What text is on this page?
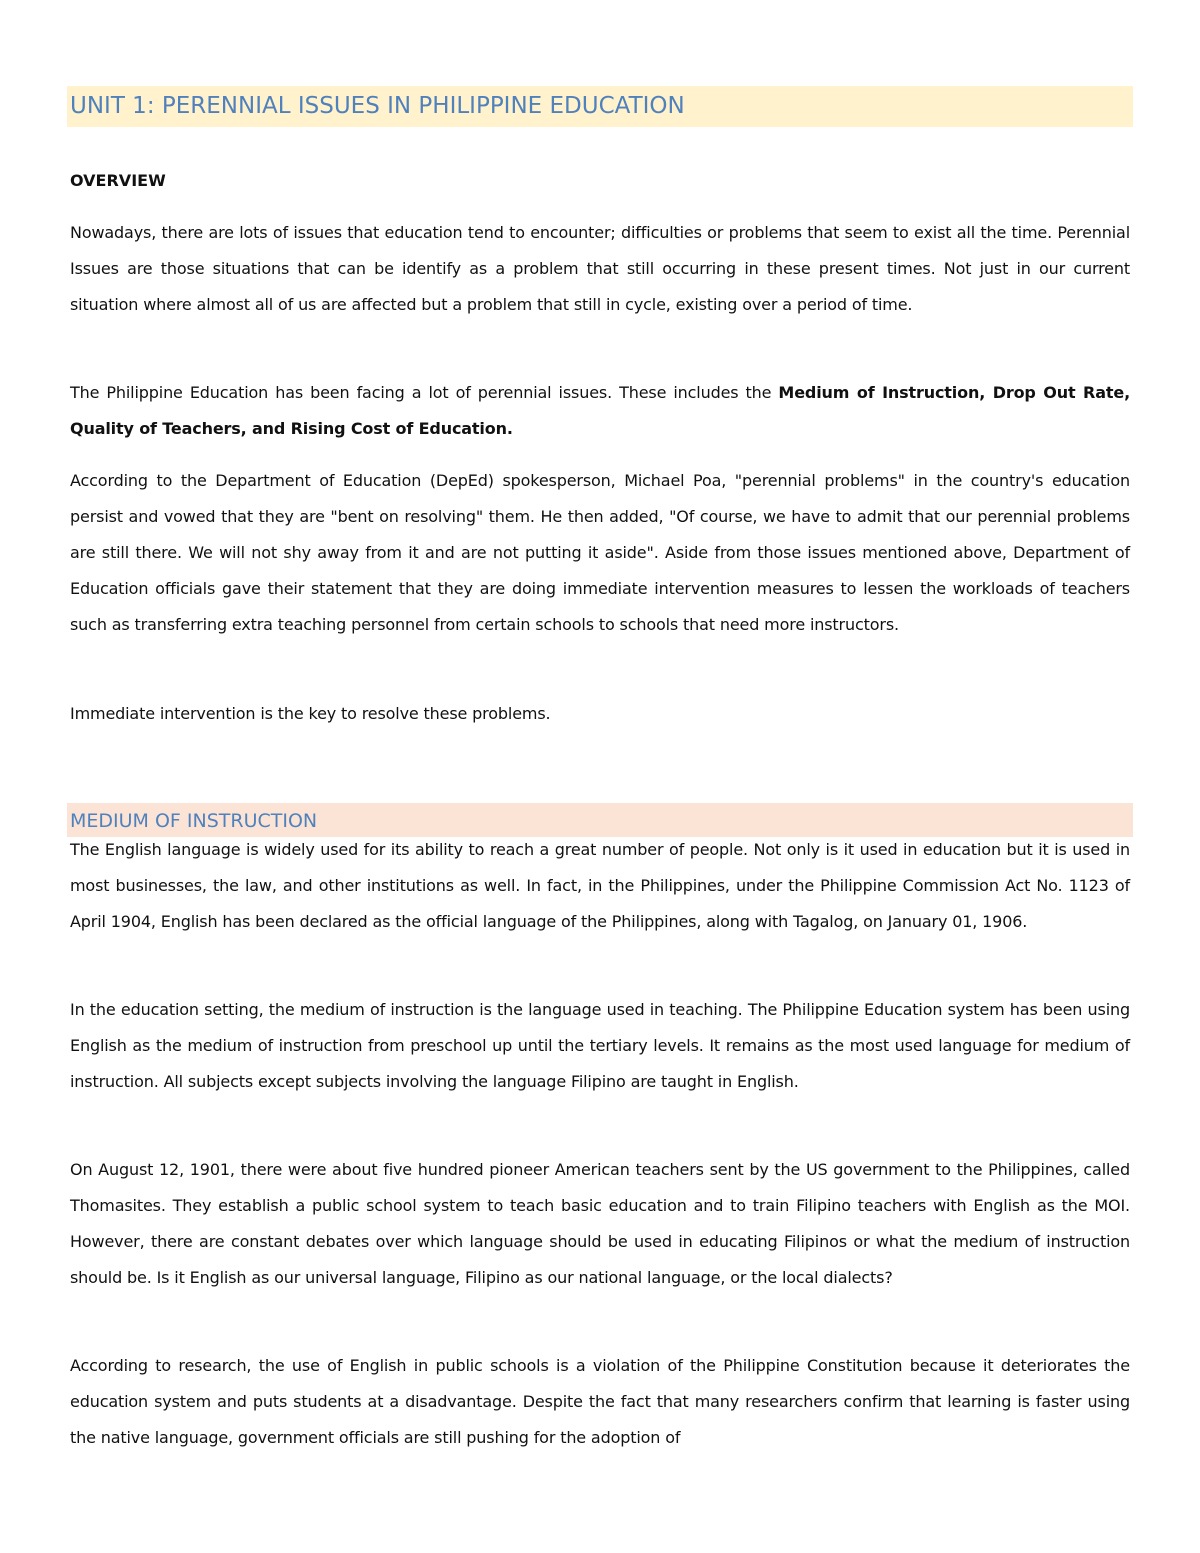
UNIT 1: PERENNIAL ISSUES IN PHILIPPINE EDUCATION
OVERVIEW

Nowadays, there are lots of issues that education tend to encounter; difficulties or problems that seem to exist all the time. Perennial Issues are those situations that can be identify as a problem that still occurring in these present times. Not just in our current situation where almost all of us are affected but a problem that still in cycle, existing over a period of time.

The Philippine Education has been facing a lot of perennial issues. These includes the Medium of Instruction, Drop Out Rate, Quality of Teachers, and Rising Cost of Education.

According to the Department of Education (DepEd) spokesperson, Michael Poa, "perennial problems" in the country's education persist and vowed that they are "bent on resolving" them. He then added, "Of course, we have to admit that our perennial problems are still there. We will not shy away from it and are not putting it aside". Aside from those issues mentioned above, Department of Education officials gave their statement that they are doing immediate intervention measures to lessen the workloads of teachers such as transferring extra teaching personnel from certain schools to schools that need more instructors.

Immediate intervention is the key to resolve these problems.

MEDIUM OF INSTRUCTION

The English language is widely used for its ability to reach a great number of people. Not only is it used in education but it is used in most businesses, the law, and other institutions as well. In fact, in the Philippines, under the Philippine Commission Act No. 1123 of April 1904, English has been declared as the official language of the Philippines, along with Tagalog, on January 01, 1906.

In the education setting, the medium of instruction is the language used in teaching. The Philippine Education system has been using English as the medium of instruction from preschool up until the tertiary levels. It remains as the most used language for medium of instruction. All subjects except subjects involving the language Filipino are taught in English.

On August 12, 1901, there were about five hundred pioneer American teachers sent by the US government to the Philippines, called Thomasites. They establish a public school system to teach basic education and to train Filipino teachers with English as the MOI. However, there are constant debates over which language should be used in educating Filipinos or what the medium of instruction should be. Is it English as our universal language, Filipino as our national language, or the local dialects?

According to research, the use of English in public schools is a violation of the Philippine Constitution because it deteriorates the education system and puts students at a disadvantage. Despite the fact that many researchers confirm that learning is faster using the native language, government officials are still pushing for the adoption of
